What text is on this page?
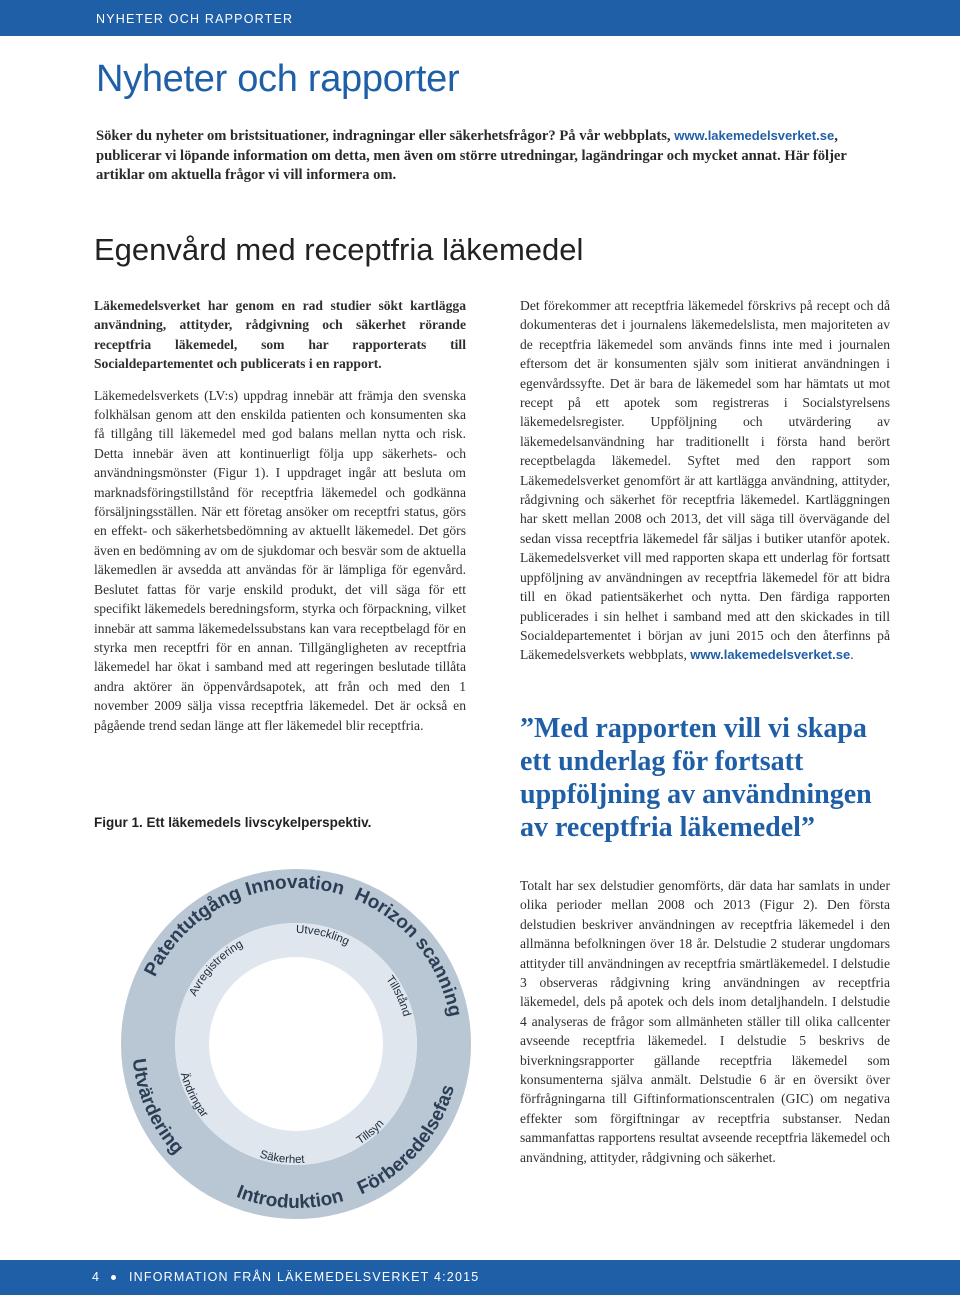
NYHETER OCH RAPPORTER
Nyheter och rapporter

Söker du nyheter om bristsituationer, indragningar eller säkerhetsfrågor? På vår webbplats, www.lakemedelsverket.se, publicerar vi löpande information om detta, men även om större utredningar, lagändringar och mycket annat. Här följer artiklar om aktuella frågor vi vill informera om.

Egenvård med receptfria läkemedel

Läkemedelsverket har genom en rad studier sökt kartlägga användning, attityder, rådgivning och säkerhet rörande receptfria läkemedel, som har rapporterats till Socialdepartementet och publicerats i en rapport.

Läkemedelsverkets (LV:s) uppdrag innebär att främja den svenska folkhälsan genom att den enskilda patienten och konsumenten ska få tillgång till läkemedel med god balans mellan nytta och risk. Detta innebär även att kontinuerligt följa upp säkerhets- och användningsmönster (Figur 1). I uppdraget ingår att besluta om marknadsföringstillstånd för receptfria läkemedel och godkänna försäljningsställen. När ett företag ansöker om receptfri status, görs en effekt- och säkerhetsbedömning av aktuellt läkemedel. Det görs även en bedömning av om de sjukdomar och besvär som de aktuella läkemedlen är avsedda att användas för är lämpliga för egenvård. Beslutet fattas för varje enskild produkt, det vill säga för ett specifikt läkemedels beredningsform, styrka och förpackning, vilket innebär att samma läkemedelssubstans kan vara receptbelagd för en styrka men receptfri för en annan. Tillgängligheten av receptfria läkemedel har ökat i samband med att regeringen beslutade tillåta andra aktörer än öppenvårdsapotek, att från och med den 1 november 2009 sälja vissa receptfria läkemedel. Det är också en pågående trend sedan länge att fler läkemedel blir receptfria.

Det förekommer att receptfria läkemedel förskrivs på recept och då dokumenteras det i journalens läkemedelslista, men majoriteten av de receptfria läkemedel som används finns inte med i journalen eftersom det är konsumenten själv som initierat användningen i egenvårdssyfte. Det är bara de läkemedel som har hämtats ut mot recept på ett apotek som registreras i Socialstyrelsens läkemedelsregister. Uppföljning och utvärdering av läkemedelsanvändning har traditionellt i första hand berört receptbelagda läkemedel. Syftet med den rapport som Läkemedelsverket genomfört är att kartlägga användning, attityder, rådgivning och säkerhet för receptfria läkemedel. Kartläggningen har skett mellan 2008 och 2013, det vill säga till övervägande del sedan vissa receptfria läkemedel får säljas i butiker utanför apotek. Läkemedelsverket vill med rapporten skapa ett underlag för fortsatt uppföljning av användningen av receptfria läkemedel för att bidra till en ökad patientsäkerhet och nytta. Den färdiga rapporten publicerades i sin helhet i samband med att den skickades in till Socialdepartementet i början av juni 2015 och den återfinns på Läkemedelsverkets webbplats, www.lakemedelsverket.se.

”Med rapporten vill vi skapa ett underlag för fortsatt uppföljning av användningen av receptfria läkemedel”

Totalt har sex delstudier genomförts, där data har samlats in under olika perioder mellan 2008 och 2013 (Figur 2). Den första delstudien beskriver användningen av receptfria läkemedel i den allmänna befolkningen över 18 år. Delstudie 2 studerar ungdomars attityder till användningen av receptfria smärtläkemedel. I delstudie 3 observeras rådgivning kring användningen av receptfria läkemedel, dels på apotek och dels inom detaljhandeln. I delstudie 4 analyseras de frågor som allmänheten ställer till olika callcenter avseende receptfria läkemedel. I delstudie 5 beskrivs de biverkningsrapporter gällande receptfria läkemedel som konsumenterna själva anmält. Delstudie 6 är en översikt över förfrågningarna till Giftinformationscentralen (GIC) om negativa effekter som förgiftningar av receptfria substanser. Nedan sammanfattas rapportens resultat avseende receptfria läkemedel och användning, attityder, rådgivning och säkerhet.

Figur 1. Ett läkemedels livscykelperspektiv.
Patentutgång Innovation Horizon scanning
Utvärdering
Introduktion Förberedelsefas
Avregistrering
Utveckling
Tillstånd
Ändringar
Säkerhet
Tillsyn
4 INFORMATION FRÅN LÄKEMEDELSVERKET 4:2015
